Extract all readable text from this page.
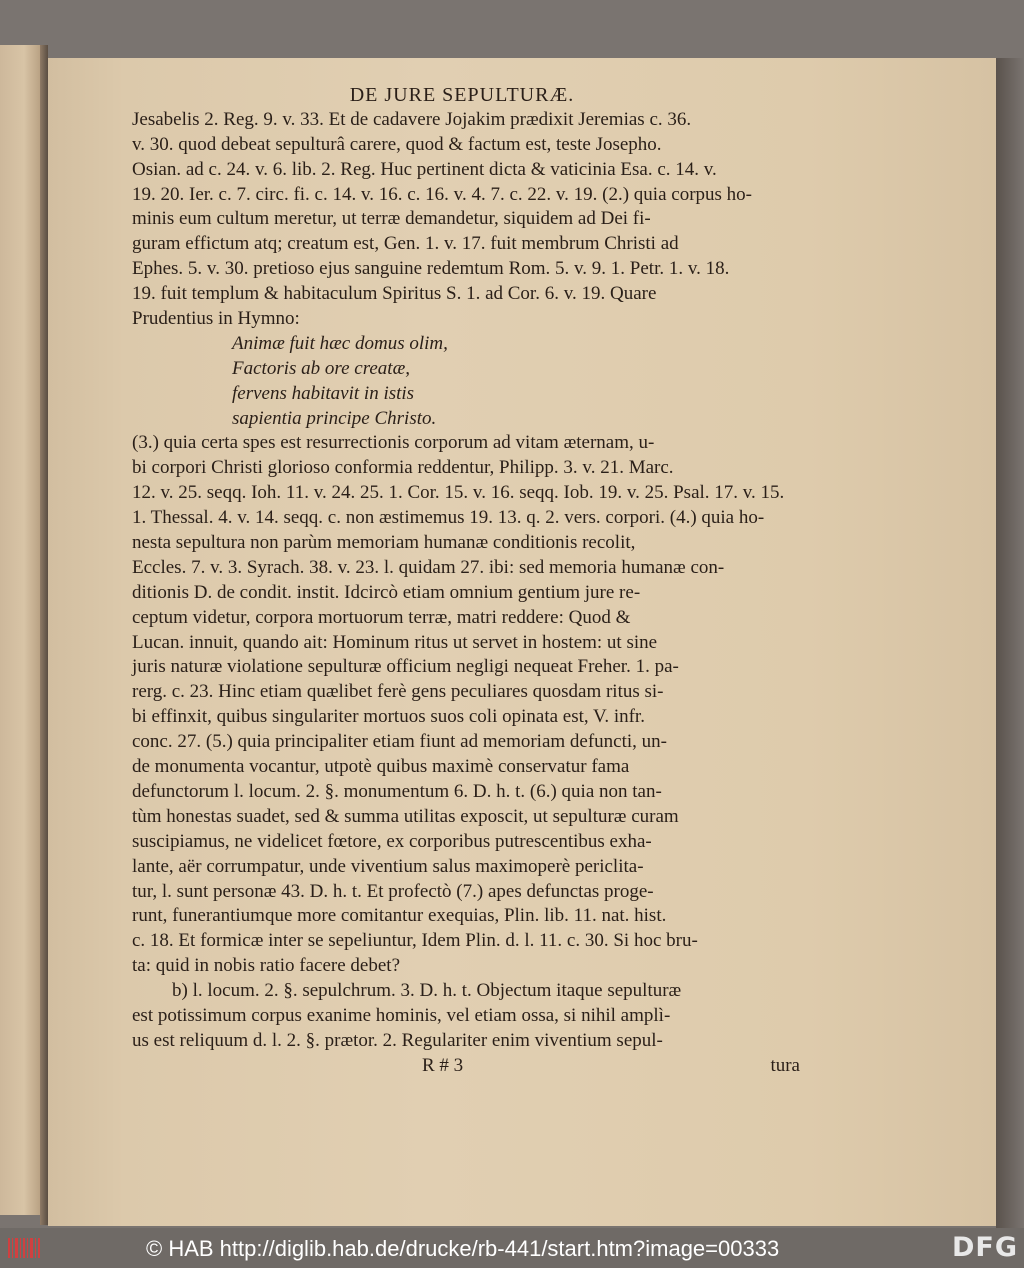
DE JURE SEPULTURÆ.
Jesabelis 2. Reg. 9. v. 33. Et de cadavere Jojakim prædixit Jeremias c. 36.
v. 30. quod debeat sepulturâ carere, quod & factum est, teste Josepho.
Osian. ad c. 24. v. 6. lib. 2. Reg. Huc pertinent dicta & vaticinia Esa. c. 14. v.
19. 20. Ier. c. 7. circ. fi. c. 14. v. 16. c. 16. v. 4. 7. c. 22. v. 19. (2.) quia corpus ho-
minis eum cultum meretur, ut terræ demandetur, siquidem ad Dei fi-
guram effictum atq; creatum est, Gen. 1. v. 17. fuit membrum Christi ad
Ephes. 5. v. 30. pretioso ejus sanguine redemtum Rom. 5. v. 9. 1. Petr. 1. v. 18.
19. fuit templum & habitaculum Spiritus S. 1. ad Cor. 6. v. 19. Quare
Prudentius in Hymno:
Animæ fuit hæc domus olim,
Factoris ab ore creatæ,
fervens habitavit in istis
sapientia principe Christo.
(3.) quia certa spes est resurrectionis corporum ad vitam æternam, u-
bi corpori Christi glorioso conformia reddentur, Philipp. 3. v. 21. Marc.
12. v. 25. seqq. Ioh. 11. v. 24. 25. 1. Cor. 15. v. 16. seqq. Iob. 19. v. 25. Psal. 17. v. 15.
1. Thessal. 4. v. 14. seqq. c. non æstimemus 19. 13. q. 2. vers. corpori. (4.) quia ho-
nesta sepultura non parùm memoriam humanæ conditionis recolit,
Eccles. 7. v. 3. Syrach. 38. v. 23. l. quidam 27. ibi: sed memoria humanæ con-
ditionis D. de condit. instit. Idcircò etiam omnium gentium jure re-
ceptum videtur, corpora mortuorum terræ, matri reddere: Quod &
Lucan. innuit, quando ait: Hominum ritus ut servet in hostem: ut sine
juris naturæ violatione sepulturæ officium negligi nequeat Freher. 1. pa-
rerg. c. 23. Hinc etiam quælibet ferè gens peculiares quosdam ritus si-
bi effinxit, quibus singulariter mortuos suos coli opinata est, V. infr.
conc. 27. (5.) quia principaliter etiam fiunt ad memoriam defuncti, un-
de monumenta vocantur, utpotè quibus maximè conservatur fama
defunctorum l. locum. 2. §. monumentum 6. D. h. t. (6.) quia non tan-
tùm honestas suadet, sed & summa utilitas exposcit, ut sepulturæ curam
suscipiamus, ne videlicet fœtore, ex corporibus putrescentibus exha-
lante, aër corrumpatur, unde viventium salus maximoperè periclita-
tur, l. sunt personæ 43. D. h. t. Et profectò (7.) apes defunctas proge-
runt, funerantiumque more comitantur exequias, Plin. lib. 11. nat. hist.
c. 18. Et formicæ inter se sepeliuntur, Idem Plin. d. l. 11. c. 30. Si hoc bru-
ta: quid in nobis ratio facere debet?
b) l. locum. 2. §. sepulchrum. 3. D. h. t. Objectum itaque sepulturæ
est potissimum corpus exanime hominis, vel etiam ossa, si nihil amplì-
us est reliquum d. l. 2. §. prætor. 2. Regulariter enim viventium sepul-
R # 3	tura
© HAB http://diglib.hab.de/drucke/rb-441/start.htm?image=00333	DFG
